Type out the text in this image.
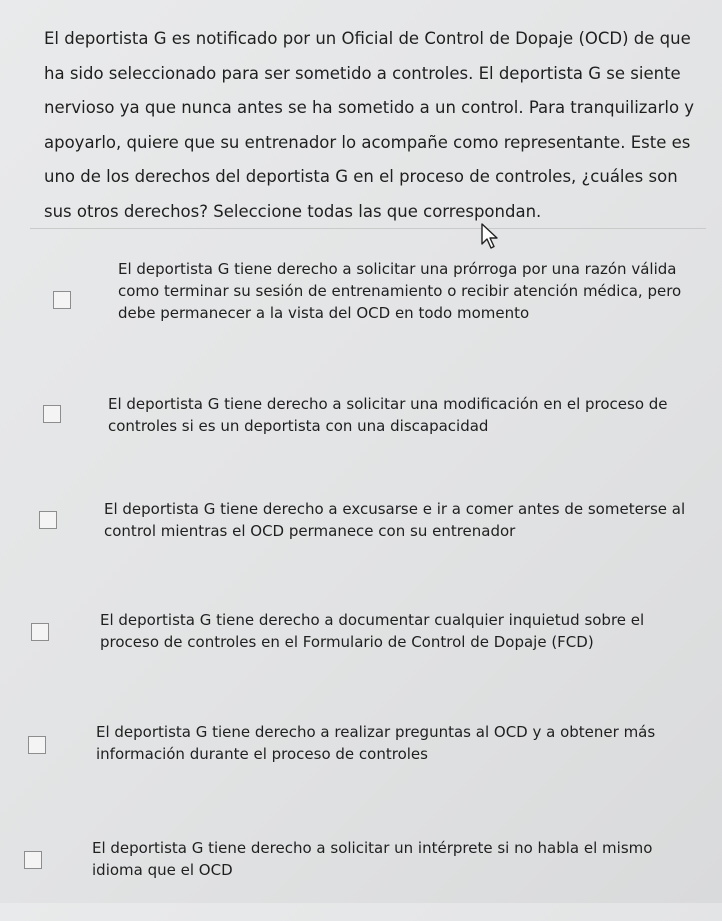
El deportista G es notificado por un Oficial de Control de Dopaje (OCD) de que ha sido seleccionado para ser sometido a controles. El deportista G se siente nervioso ya que nunca antes se ha sometido a un control. Para tranquilizarlo y apoyarlo, quiere que su entrenador lo acompañe como representante. Este es uno de los derechos del deportista G en el proceso de controles, ¿cuáles son sus otros derechos? Seleccione todas las que correspondan.

El deportista G tiene derecho a solicitar una prórroga por una razón válida como terminar su sesión de entrenamiento o recibir atención médica, pero debe permanecer a la vista del OCD en todo momento
El deportista G tiene derecho a solicitar una modificación en el proceso de controles si es un deportista con una discapacidad
El deportista G tiene derecho a excusarse e ir a comer antes de someterse al control mientras el OCD permanece con su entrenador
El deportista G tiene derecho a documentar cualquier inquietud sobre el proceso de controles en el Formulario de Control de Dopaje (FCD)
El deportista G tiene derecho a realizar preguntas al OCD y a obtener más información durante el proceso de controles
El deportista G tiene derecho a solicitar un intérprete si no habla el mismo idioma que el OCD
